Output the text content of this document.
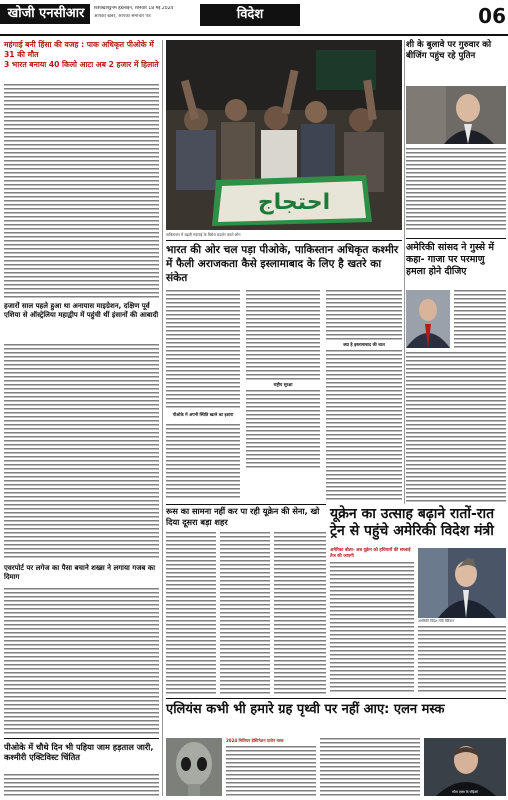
खोजी एनसीआर	विशाखापट्टनम हेडलाइन, शनिवार 18 मई 2024
आपकी खबरें, आपका समाचार पत्र	विदेश	06
महंगाई बनी हिंसा की वजह : पाक अधिकृत पीओके में 31 की मौत
3 भारत बनाया 40 किलो आटा अब 2 हजार में हिलाते
हजारों साल पहले हुआ था अनायास माइग्रेशन, दक्षिण पूर्व एशिया से ऑस्ट्रेलिया महाद्वीप में पहुंची थीं इंसानों की आबादी
एवरपोर्ट पर लगेज का पैसा बचाने शख्स ने लगाया गजब का दिमाग
पीओके में चौथे दिन भी पहिया जाम हड़ताल जारी, कश्मीरी एक्टिविस्ट चिंतित
احتجاج
पाकिस्तान में बढ़ती महंगाई के विरोध प्रदर्शन करते लोग
शी के बुलावे पर गुरुवार को बीजिंग पहुंच रहे पुतिन
भारत की ओर चल पड़ा पीओके, पाकिस्तान अधिकृत कश्मीर में फैली अराजकता कैसे इस्लामाबाद के लिए है खतरे का संकेत
पीओके में अपनी स्थिति खतरे का इशारा
राष्ट्रीय सुरक्षा
क्या है इस्लामाबाद की चाल
अमेरिकी सांसद ने गुस्से में कहा- गाजा पर परमाणु हमला होने दीजिए
रूस का सामना नहीं कर पा रही यूक्रेन की सेना, खो दिया दूसरा बड़ा शहर	यूक्रेन का उत्साह बढ़ाने रातों-रात ट्रेन से पहुंचे अमेरिकी विदेश मंत्री
अमेरिका बोला- अब यूक्रेन को हथियारों की सप्लाई तेज की जाएगी
अमेरिकी विदेश मंत्री ब्लिंकन
एलियंस कभी भी हमारे ग्रह पृथ्वी पर नहीं आए: एलन मस्क
2024 मिलियन डेस्टिनेशन एलोन मस्क
स्पेस एक्स के सीईओ
